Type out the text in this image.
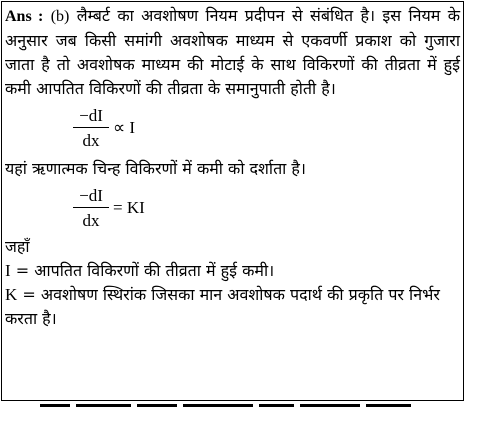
Ans : (b) लैम्बर्ट का अवशोषण नियम प्रदीपन से संबंधित है। इस नियम के अनुसार जब किसी समांगी अवशोषक माध्यम से एकवर्णी प्रकाश को गुजारा जाता है तो अवशोषक माध्यम की मोटाई के साथ विकिरणों की तीव्रता में हुई कमी आपतित विकिरणों की तीव्रता के समानुपाती होती है।

$\frac{-dI}{dx} \propto I$

यहां ऋणात्मक चिन्ह विकिरणों में कमी को दर्शाता है।

$\frac{-dI}{dx}$ = KI

जहाँ

I = आपतित विकिरणों की तीव्रता में हुई कमी।

K = अवशोषण स्थिरांक जिसका मान अवशोषक पदार्थ की प्रकृति पर निर्भर करता है।
